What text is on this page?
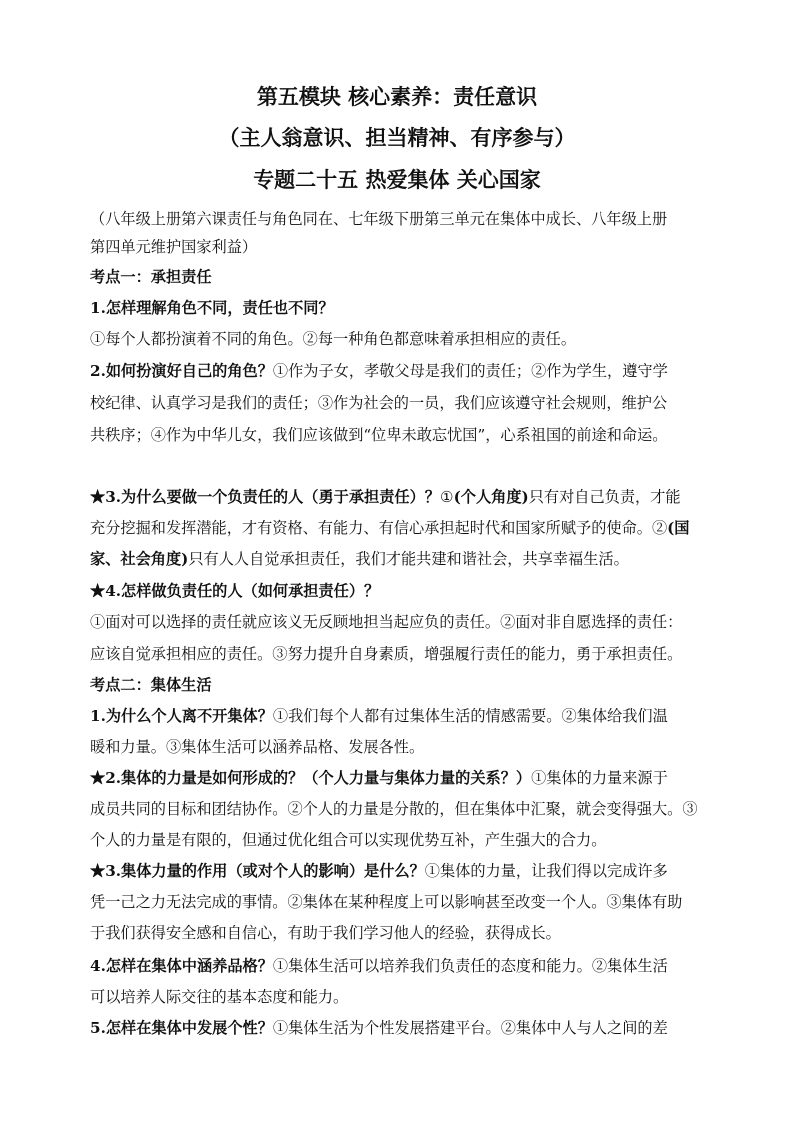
第五模块 核心素养：责任意识
（主人翁意识、担当精神、有序参与）
专题二十五 热爱集体 关心国家
（八年级上册第六课责任与角色同在、七年级下册第三单元在集体中成长、八年级上册
第四单元维护国家利益）
考点一：承担责任
1.怎样理解角色不同，责任也不同？
①每个人都扮演着不同的角色。②每一种角色都意味着承担相应的责任。
2.如何扮演好自己的角色？①作为子女，孝敬父母是我们的责任；②作为学生，遵守学
校纪律、认真学习是我们的责任；③作为社会的一员，我们应该遵守社会规则，维护公
共秩序；④作为中华儿女，我们应该做到“位卑未敢忘忧国”，心系祖国的前途和命运。
★3.为什么要做一个负责任的人（勇于承担责任）？①(个人角度)只有对自己负责，才能
充分挖掘和发挥潜能，才有资格、有能力、有信心承担起时代和国家所赋予的使命。②(国
家、社会角度)只有人人自觉承担责任，我们才能共建和谐社会，共享幸福生活。
★4.怎样做负责任的人（如何承担责任）？
①面对可以选择的责任就应该义无反顾地担当起应负的责任。②面对非自愿选择的责任：
应该自觉承担相应的责任。③努力提升自身素质，增强履行责任的能力，勇于承担责任。
考点二：集体生活
1.为什么个人离不开集体？①我们每个人都有过集体生活的情感需要。②集体给我们温
暖和力量。③集体生活可以涵养品格、发展各性。
★2.集体的力量是如何形成的？（个人力量与集体力量的关系？）①集体的力量来源于
成员共同的目标和团结协作。②个人的力量是分散的，但在集体中汇聚，就会变得强大。③
个人的力量是有限的，但通过优化组合可以实现优势互补，产生强大的合力。
★3.集体力量的作用（或对个人的影响）是什么？①集体的力量，让我们得以完成许多
凭一己之力无法完成的事情。②集体在某种程度上可以影响甚至改变一个人。③集体有助
于我们获得安全感和自信心，有助于我们学习他人的经验，获得成长。
4.怎样在集体中涵养品格？①集体生活可以培养我们负责任的态度和能力。②集体生活
可以培养人际交往的基本态度和能力。
5.怎样在集体中发展个性？①集体生活为个性发展搭建平台。②集体中人与人之间的差
